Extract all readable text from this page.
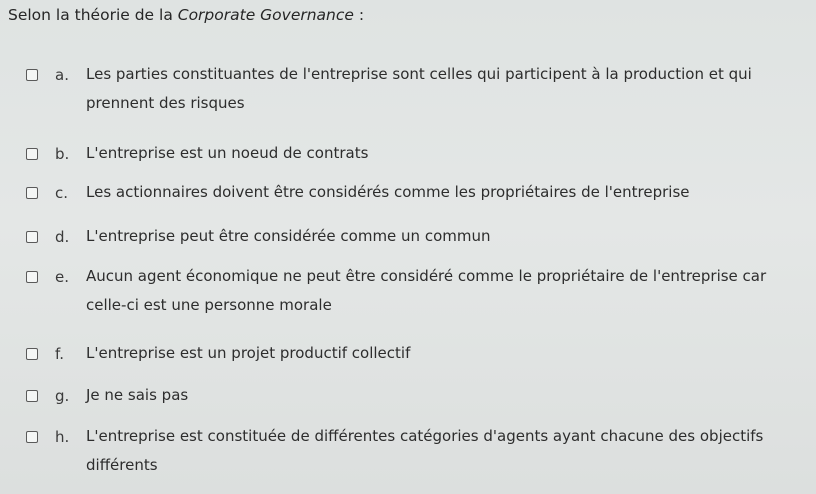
Selon la théorie de la Corporate Governance :
a. Les parties constituantes de l'entreprise sont celles qui participent à la production et qui prennent des risques
b. L'entreprise est un noeud de contrats
c. Les actionnaires doivent être considérés comme les propriétaires de l'entreprise
d. L'entreprise peut être considérée comme un commun
e. Aucun agent économique ne peut être considéré comme le propriétaire de l'entreprise car celle-ci est une personne morale
f. L'entreprise est un projet productif collectif
g. Je ne sais pas
h. L'entreprise est constituée de différentes catégories d'agents ayant chacune des objectifs différents
